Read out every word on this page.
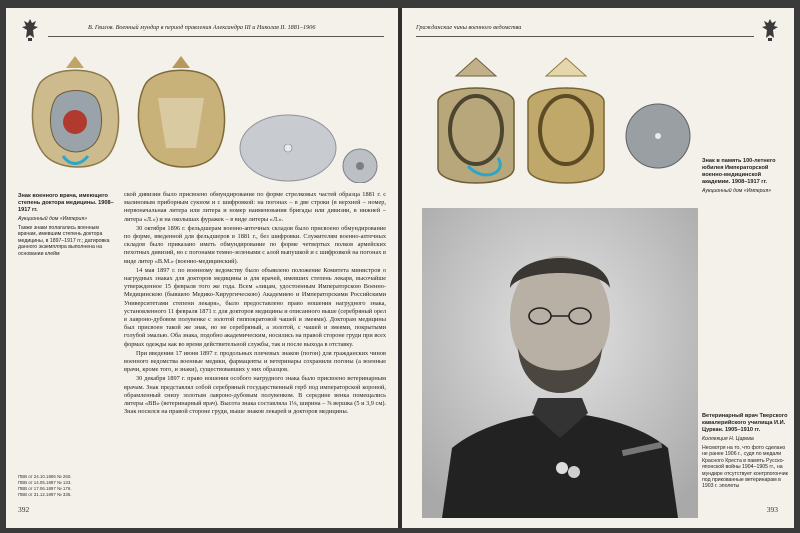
В. Гвилов. Военный мундир в период правления Александра III и Николая II. 1881–1906
Знак военного врача, имеющего степень доктора медицины. 1908–1917 гг.
Аукционный дом «Империя»
Также знаки полагались военным врачам, имевшим степень доктора медицины, в 1897–1917 гг.; датировка данного экземпляра выполнена на основании клейм

ской дивизии было присвоено обмундирование по форме стрелковых частей образца 1881 г. с малиновым приборным сукном и с шифровкой: на погонах – в две строки (в верхней – номер, нервоначальная литера или литера и номер наименования бригады или дивизии, в нижней – литера «Л.») и на околышах фуражек – в виде литеры «Л.».

30 октября 1896 г. фельдшерам военно-аптечных складов было присвоено обмундирование по форме, введенной для фельдшеров в 1881 г., без шифровки. Служителям военно-аптечных складов было приказано иметь обмундирование по форме четвертых полков армейских пехотных дивизий, но с погонами темно-зелеными с алой выпушкой и с шифровкой на погонах в виде литер «В.М.» (военно-медицинский).

14 мая 1897 г. по военному ведомству было объявлено положение Комитета министров о нагрудных знаках для докторов медицины и для врачей, имевших степень лекаря, высочайше утвержденное 15 февраля того же года. Всем «лицам, удостоенным Императорскою Военно-Медицинскою (бывшею Медико-Хирургическою) Академиею и Императорскими Российскими Университетами степени лекаря», было предоставлено право ношения нагрудного знака, установленного 11 февраля 1871 г. для докторов медицины и описанного выше (серебряный орел в лавроно-дубовом полувенке с золотой гиппократовой чашей и змеями). Докторам медицины был присвоен такой же знак, но не серебряный, а золотой, с чашей и змеями, покрытыми голубой эмалью. Оба знака, подобно академическим, носились на правой стороне груди при всех формах одежды как во время действительной службы, так и после выхода в отставку.

При введении 17 июня 1897 г. продольных плечевых знаков (погон) для гражданских чинов военного ведомства военные медики, фармацевты и ветеринары сохранили погоны (а военные врачи, кроме того, и знаки), существовавших у них образцов.

30 декабря 1897 г. право ношения особого нагрудного знака было присвоено ветеринарным врачам. Знак представлял собой серебряный государственный герб под императорской короной, обрамленный снизу золотым лавроно-дубовым полувенком. В середине венка помещались литеры «ВВ» (ветеринарный врач). Высота знака составляла 1⅛, ширина – ⅞ вершка (5 и 3,9 см). Знак носился на правой стороне груди, выше знаков лекарей и докторов медицины.

ПВВ от 24.10.1896 № 260.
ПВВ от 14.05.1897 № 133.
ПВВ от 17.06.1897 № 176.
ПВВ от 31.12.1897 № 335.
392
Гражданские чины военного ведомства
Знак в память 100-летнего юбилея Императорской военно-медицинской академии. 1908–1917 гг.
Аукционный дом «Империя»
Ветеринарный врач Тверского кавалерийского училища И.И. Цуркан. 1905–1910 гг.
Коллекция Н. Царева
Несмотря на то, что фото сделано не ранее 1906 г., судя по медали Красного Креста в память Русско-японской войны 1904–1905 гг., на мундире отсутствует контрпогончик под прикованные ветеринарам в 1903 г. эполеты
393
